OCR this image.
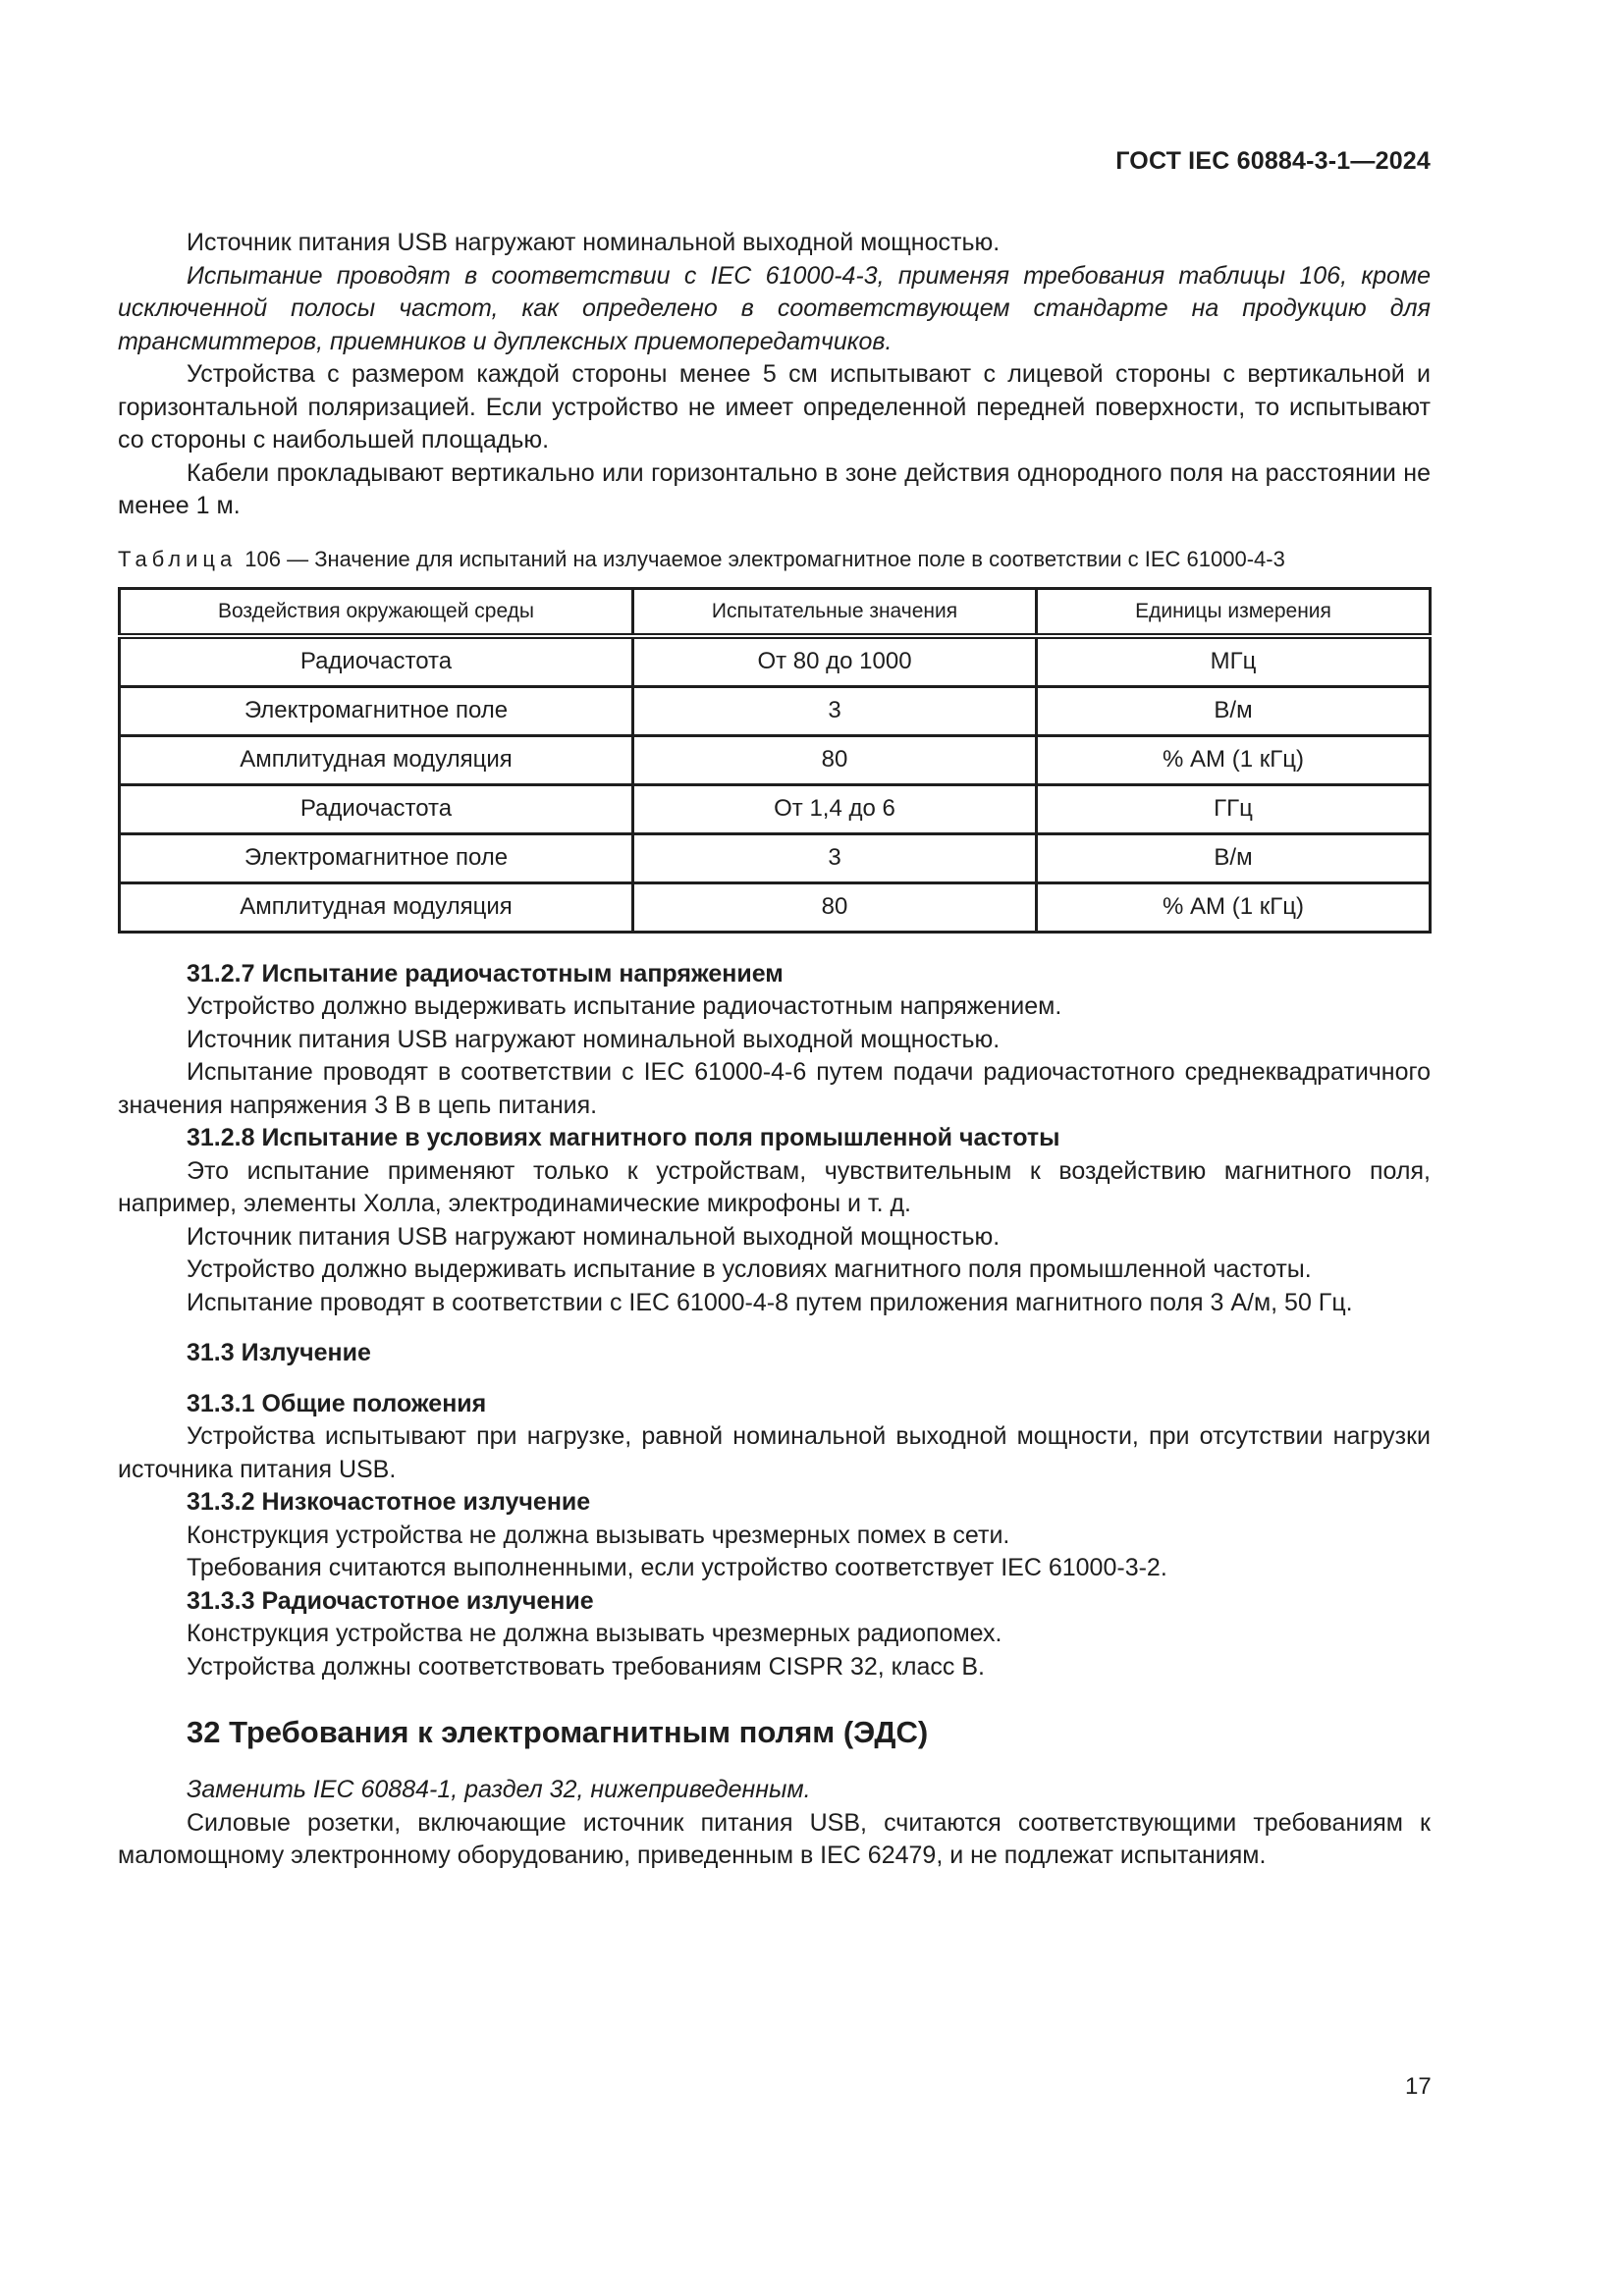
ГОСТ IEC 60884-3-1—2024

Источник питания USB нагружают номинальной выходной мощностью.

Испытание проводят в соответствии с IEC 61000-4-3, применяя требования таблицы 106, кроме исключенной полосы частот, как определено в соответствующем стандарте на продукцию для трансмиттеров, приемников и дуплексных приемопередатчиков.

Устройства с размером каждой стороны менее 5 см испытывают с лицевой стороны с вертикальной и горизонтальной поляризацией. Если устройство не имеет определенной передней поверхности, то испытывают со стороны с наибольшей площадью.

Кабели прокладывают вертикально или горизонтально в зоне действия однородного поля на расстоянии не менее 1 м.

Таблица 106 — Значение для испытаний на излучаемое электромагнитное поле в соответствии с IEC 61000-4-3
Воздействия окружающей среды	Испытательные значения	Единицы измерения
Радиочастота	От 80 до 1000	МГц
Электромагнитное поле	3	В/м
Амплитудная модуляция	80	% АМ (1 кГц)
Радиочастота	От 1,4 до 6	ГГц
Электромагнитное поле	3	В/м
Амплитудная модуляция	80	% АМ (1 кГц)
31.2.7 Испытание радиочастотным напряжением

Устройство должно выдерживать испытание радиочастотным напряжением.

Источник питания USB нагружают номинальной выходной мощностью.

Испытание проводят в соответствии с IEC 61000-4-6 путем подачи радиочастотного среднеквадратичного значения напряжения 3 В в цепь питания.

31.2.8 Испытание в условиях магнитного поля промышленной частоты

Это испытание применяют только к устройствам, чувствительным к воздействию магнитного поля, например, элементы Холла, электродинамические микрофоны и т. д.

Источник питания USB нагружают номинальной выходной мощностью.

Устройство должно выдерживать испытание в условиях магнитного поля промышленной частоты.

Испытание проводят в соответствии с IEC 61000-4-8 путем приложения магнитного поля 3 А/м, 50 Гц.

31.3 Излучение
31.3.1 Общие положения

Устройства испытывают при нагрузке, равной номинальной выходной мощности, при отсутствии нагрузки источника питания USB.

31.3.2 Низкочастотное излучение

Конструкция устройства не должна вызывать чрезмерных помех в сети.

Требования считаются выполненными, если устройство соответствует IEC 61000-3-2.

31.3.3 Радиочастотное излучение

Конструкция устройства не должна вызывать чрезмерных радиопомех.

Устройства должны соответствовать требованиям CISPR 32, класс В.

32 Требования к электромагнитным полям (ЭДС)

Заменить IEC 60884-1, раздел 32, нижеприведенным.

Силовые розетки, включающие источник питания USB, считаются соответствующими требованиям к маломощному электронному оборудованию, приведенным в IEC 62479, и не подлежат испытаниям.

17
